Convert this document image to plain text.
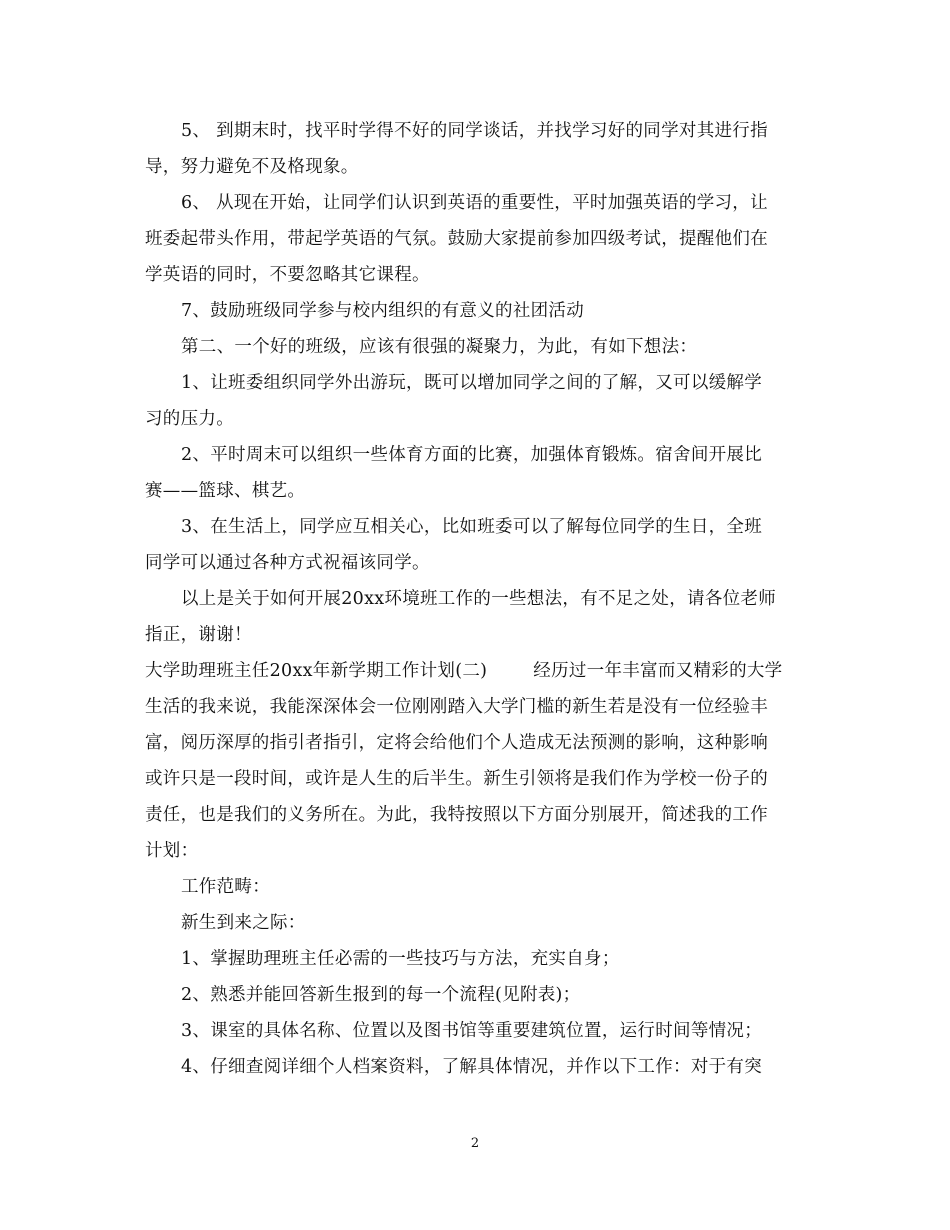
5、 到期末时，找平时学得不好的同学谈话，并找学习好的同学对其进行指
导，努力避免不及格现象。
6、 从现在开始，让同学们认识到英语的重要性，平时加强英语的学习，让
班委起带头作用，带起学英语的气氛。鼓励大家提前参加四级考试，提醒他们在
学英语的同时，不要忽略其它课程。
7、鼓励班级同学参与校内组织的有意义的社团活动
第二、一个好的班级，应该有很强的凝聚力，为此，有如下想法：
1、让班委组织同学外出游玩，既可以增加同学之间的了解，又可以缓解学
习的压力。
2、平时周末可以组织一些体育方面的比赛，加强体育锻炼。宿舍间开展比
赛——篮球、棋艺。
3、在生活上，同学应互相关心，比如班委可以了解每位同学的生日，全班
同学可以通过各种方式祝福该同学。
以上是关于如何开展20xx环境班工作的一些想法，有不足之处，请各位老师
指正，谢谢！
大学助理班主任20xx年新学期工作计划(二)	经历过一年丰富而又精彩的大学
生活的我来说，我能深深体会一位刚刚踏入大学门槛的新生若是没有一位经验丰
富，阅历深厚的指引者指引，定将会给他们个人造成无法预测的影响，这种影响
或许只是一段时间，或许是人生的后半生。新生引领将是我们作为学校一份子的
责任，也是我们的义务所在。为此，我特按照以下方面分别展开，简述我的工作
计划：
工作范畴：
新生到来之际：
1、掌握助理班主任必需的一些技巧与方法，充实自身；
2、熟悉并能回答新生报到的每一个流程(见附表)；
3、课室的具体名称、位置以及图书馆等重要建筑位置，运行时间等情况；
4、仔细查阅详细个人档案资料，了解具体情况，并作以下工作：对于有突
2
